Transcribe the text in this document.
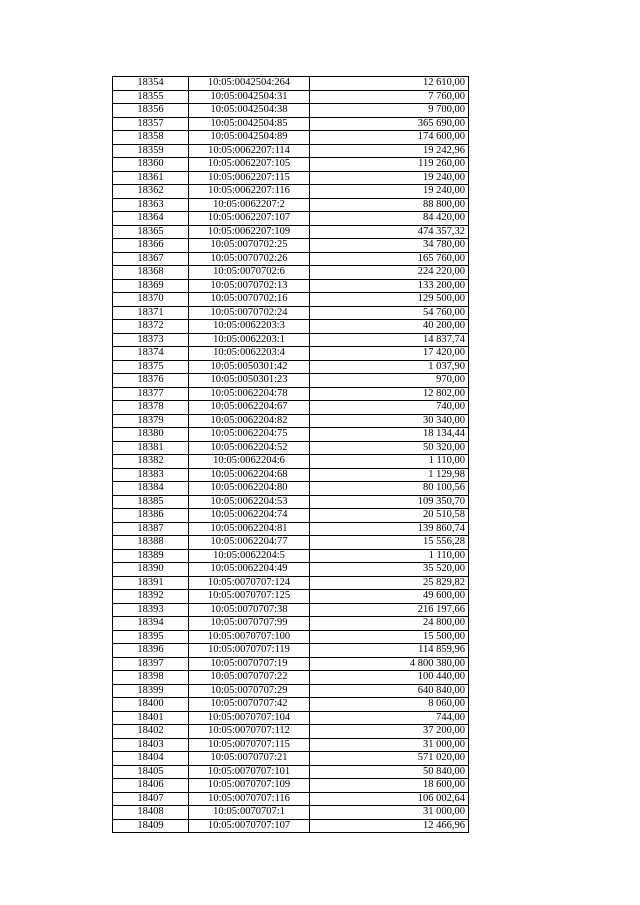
18354	10:05:0042504:264	12 610,00
18355	10:05:0042504:31	7 760,00
18356	10:05:0042504:38	9 700,00
18357	10:05:0042504:85	365 690,00
18358	10:05:0042504:89	174 600,00
18359	10:05:0062207:114	19 242,96
18360	10:05:0062207:105	119 260,00
18361	10:05:0062207:115	19 240,00
18362	10:05:0062207:116	19 240,00
18363	10:05:0062207:2	88 800,00
18364	10:05:0062207:107	84 420,00
18365	10:05:0062207:109	474 357,32
18366	10:05:0070702:25	34 780,00
18367	10:05:0070702:26	165 760,00
18368	10:05:0070702:6	224 220,00
18369	10:05:0070702:13	133 200,00
18370	10:05:0070702:16	129 500,00
18371	10:05:0070702:24	54 760,00
18372	10:05:0062203:3	40 200,00
18373	10:05:0062203:1	14 837,74
18374	10:05:0062203:4	17 420,00
18375	10:05:0050301:42	1 037,90
18376	10:05:0050301:23	970,00
18377	10:05:0062204:78	12 802,00
18378	10:05:0062204:67	740,00
18379	10:05:0062204:82	30 340,00
18380	10:05:0062204:75	18 134,44
18381	10:05:0062204:52	50 320,00
18382	10:05:0062204:6	1 110,00
18383	10:05:0062204:68	1 129,98
18384	10:05:0062204:80	80 100,56
18385	10:05:0062204:53	109 350,70
18386	10:05:0062204:74	20 510,58
18387	10:05:0062204:81	139 860,74
18388	10:05:0062204:77	15 556,28
18389	10:05:0062204:5	1 110,00
18390	10:05:0062204:49	35 520,00
18391	10:05:0070707:124	25 829,82
18392	10:05:0070707:125	49 600,00
18393	10:05:0070707:38	216 197,66
18394	10:05:0070707:99	24 800,00
18395	10:05:0070707:100	15 500,00
18396	10:05:0070707:119	114 859,96
18397	10:05:0070707:19	4 800 380,00
18398	10:05:0070707:22	100 440,00
18399	10:05:0070707:29	640 840,00
18400	10:05:0070707:42	8 060,00
18401	10:05:0070707:104	744,00
18402	10:05:0070707:112	37 200,00
18403	10:05:0070707:115	31 000,00
18404	10:05:0070707:21	571 020,00
18405	10:05:0070707:101	50 840,00
18406	10:05:0070707:109	18 600,00
18407	10:05:0070707:116	106 002,64
18408	10:05:0070707:1	31 000,00
18409	10:05:0070707:107	12 466,96
